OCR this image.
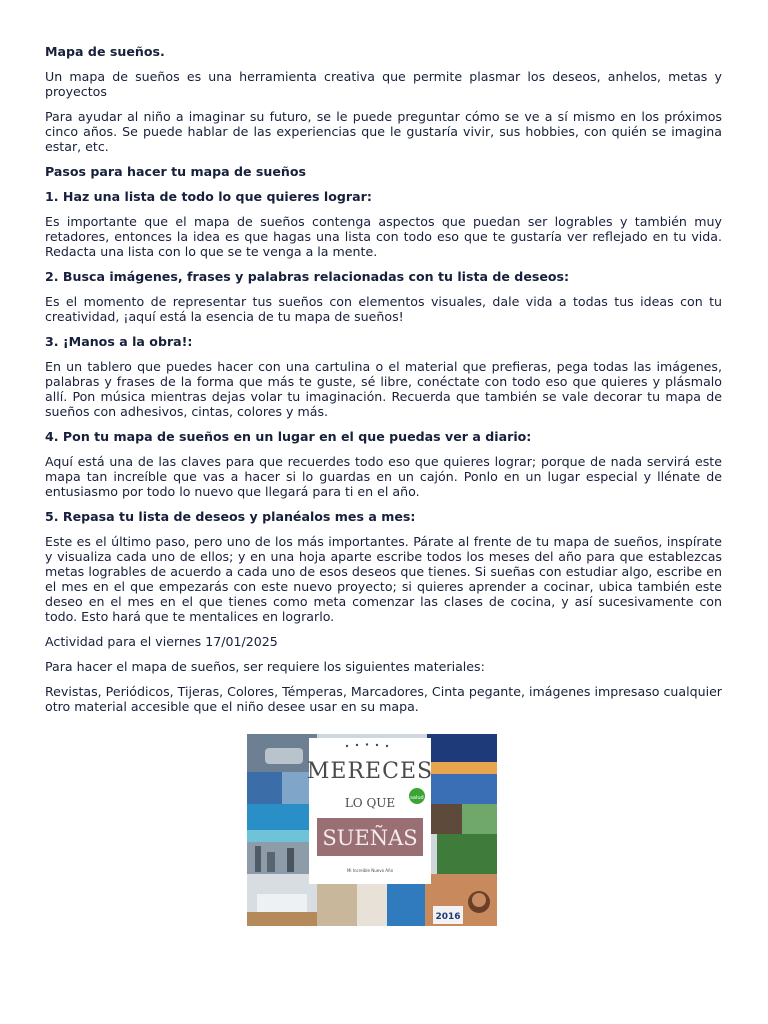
Mapa de sueños.

Un mapa de sueños es una herramienta creativa que permite plasmar los deseos, anhelos, metas y proyectos

Para ayudar al niño a imaginar su futuro, se le puede preguntar cómo se ve a sí mismo en los próximos cinco años. Se puede hablar de las experiencias que le gustaría vivir, sus hobbies, con quién se imagina estar, etc.

Pasos para hacer tu mapa de sueños

1. Haz una lista de todo lo que quieres lograr:

Es importante que el mapa de sueños contenga aspectos que puedan ser logrables y también muy retadores, entonces la idea es que hagas una lista con todo eso que te gustaría ver reflejado en tu vida. Redacta una lista con lo que se te venga a la mente.

2. Busca imágenes, frases y palabras relacionadas con tu lista de deseos:

Es el momento de representar tus sueños con elementos visuales, dale vida a todas tus ideas con tu creatividad, ¡aquí está la esencia de tu mapa de sueños!

3. ¡Manos a la obra!:

En un tablero que puedes hacer con una cartulina o el material que prefieras, pega todas las imágenes, palabras y frases de la forma que más te guste, sé libre, conéctate con todo eso que quieres y plásmalo allí. Pon música mientras dejas volar tu imaginación. Recuerda que también se vale decorar tu mapa de sueños con adhesivos, cintas, colores y más.

4. Pon tu mapa de sueños en un lugar en el que puedas ver a diario:

Aquí está una de las claves para que recuerdes todo eso que quieres lograr; porque de nada servirá este mapa tan increíble que vas a hacer si lo guardas en un cajón. Ponlo en un lugar especial y llénate de entusiasmo por todo lo nuevo que llegará para ti en el año.

5. Repasa tu lista de deseos y planéalos mes a mes:

Este es el último paso, pero uno de los más importantes. Párate al frente de tu mapa de sueños, inspírate y visualiza cada uno de ellos; y en una hoja aparte escribe todos los meses del año para que establezcas metas logrables de acuerdo a cada uno de esos deseos que tienes. Si sueñas con estudiar algo, escribe en el mes en el que empezarás con este nuevo proyecto; si quieres aprender a cocinar, ubica también este deseo en el mes en el que tienes como meta comenzar las clases de cocina, y así sucesivamente con todo. Esto hará que te mentalices en lograrlo.

Actividad para el viernes 17/01/2025

Para hacer el mapa de sueños, ser requiere los siguientes materiales:

Revistas, Periódicos, Tijeras, Colores, Témperas, Marcadores, Cinta pegante, imágenes impresaso cualquier otro material accesible que el niño desee usar en su mapa.

MERECES
LO QUE	salud
SUEÑAS
Mi Increíble Nuevo Año
2016
